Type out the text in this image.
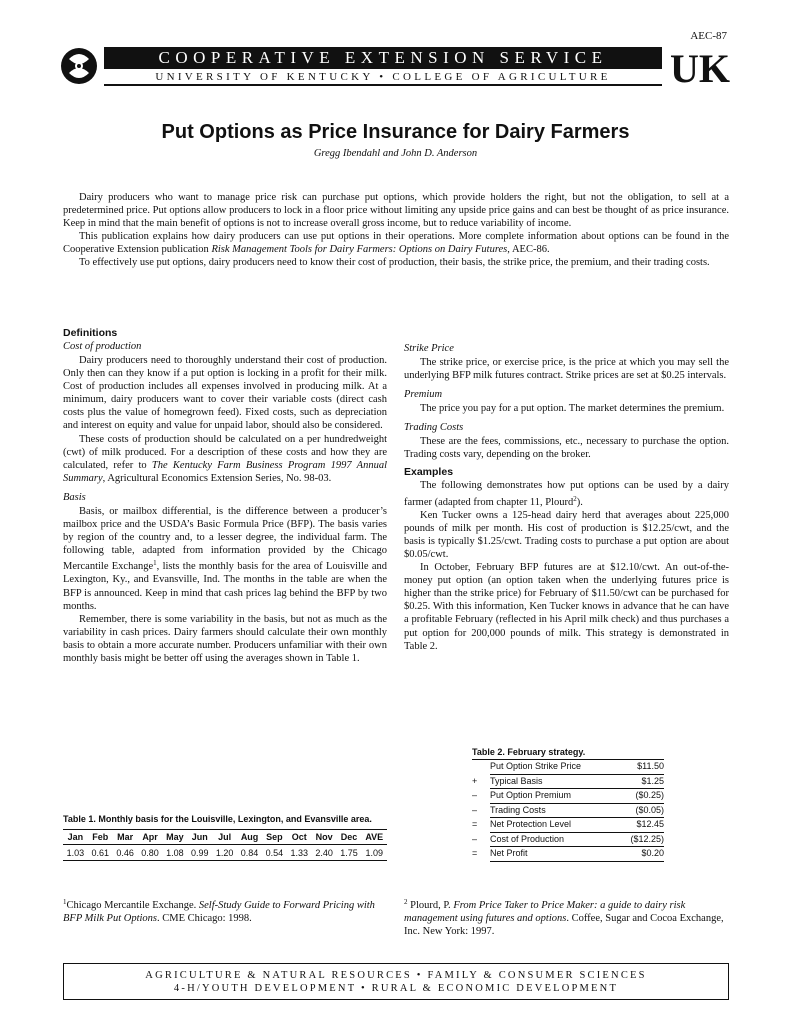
AEC-87
COOPERATIVE EXTENSION SERVICE
UNIVERSITY OF KENTUCKY • COLLEGE OF AGRICULTURE	UK
Put Options as Price Insurance for Dairy Farmers
Gregg Ibendahl and John D. Anderson

Dairy producers who want to manage price risk can purchase put options, which provide holders the right, but not the obligation, to sell at a predetermined price. Put options allow producers to lock in a floor price without limiting any upside price gains and can best be thought of as price insurance. Keep in mind that the main benefit of options is not to increase overall gross income, but to reduce variability of income.

This publication explains how dairy producers can use put options in their operations. More complete information about options can be found in the Cooperative Extension publication Risk Management Tools for Dairy Farmers: Options on Dairy Futures, AEC-86.

To effectively use put options, dairy producers need to know their cost of production, their basis, the strike price, the premium, and their trading costs.

Definitions
Cost of production

Dairy producers need to thoroughly understand their cost of production. Only then can they know if a put option is locking in a profit for their milk. Cost of production includes all expenses involved in producing milk. At a minimum, dairy producers want to cover their variable costs (direct cash costs plus the value of homegrown feed). Fixed costs, such as depreciation and interest on equity and value for unpaid labor, should also be considered.

These costs of production should be calculated on a per hundredweight (cwt) of milk produced. For a description of these costs and how they are calculated, refer to The Kentucky Farm Business Program 1997 Annual Summary, Agricultural Economics Extension Series, No. 98-03.

Basis

Basis, or mailbox differential, is the difference between a producer’s mailbox price and the USDA’s Basic Formula Price (BFP). The basis varies by region of the country and, to a lesser degree, the individual farm. The following table, adapted from information provided by the Chicago Mercantile Exchange$^1$, lists the monthly basis for the area of Louisville and Lexington, Ky., and Evansville, Ind. The months in the table are when the BFP is announced. Keep in mind that cash prices lag behind the BFP by two months.

Remember, there is some variability in the basis, but not as much as the variability in cash prices. Dairy farmers should calculate their own monthly basis to obtain a more accurate number. Producers unfamiliar with their own monthly basis might be better off using the averages shown in Table 1.

Strike Price

The strike price, or exercise price, is the price at which you may sell the underlying BFP milk futures contract. Strike prices are set at $0.25 intervals.

Premium

The price you pay for a put option. The market determines the premium.

Trading Costs

These are the fees, commissions, etc., necessary to purchase the option. Trading costs vary, depending on the broker.

Examples

The following demonstrates how put options can be used by a dairy farmer (adapted from chapter 11, Plourd$^2$).

Ken Tucker owns a 125-head dairy herd that averages about 225,000 pounds of milk per month. His cost of production is $12.25/cwt, and the basis is typically $1.25/cwt. Trading costs to purchase a put option are about $0.05/cwt.

In October, February BFP futures are at $12.10/cwt. An out-of-the-money put option (an option taken when the underlying futures price is higher than the strike price) for February of $11.50/cwt can be purchased for $0.25. With this information, Ken Tucker knows in advance that he can have a profitable February (reflected in his April milk check) and thus purchases a put option for 200,000 pounds of milk. This strategy is demonstrated in Table 2.

Table 1. Monthly basis for the Louisville, Lexington, and Evansville area.
Jan	Feb	Mar	Apr	May	Jun	Jul	Aug	Sep	Oct	Nov	Dec	AVE
1.03	0.61	0.46	0.80	1.08	0.99	1.20	0.84	0.54	1.33	2.40	1.75	1.09
Table 2. February strategy.
	Put Option Strike Price	$11.50
+	Typical Basis	$1.25
–	Put Option Premium	($0.25)
–	Trading Costs	($0.05)
=	Net Protection Level	$12.45
–	Cost of Production	($12.25)
=	Net Profit	$0.20
$^1$Chicago Mercantile Exchange. Self-Study Guide to Forward Pricing with BFP Milk Put Options. CME Chicago: 1998.
$^2$ Plourd, P. From Price Taker to Price Maker: a guide to dairy risk management using futures and options. Coffee, Sugar and Cocoa Exchange, Inc. New York: 1997.
AGRICULTURE & NATURAL RESOURCES • FAMILY & CONSUMER SCIENCES
4-H/YOUTH DEVELOPMENT • RURAL & ECONOMIC DEVELOPMENT
